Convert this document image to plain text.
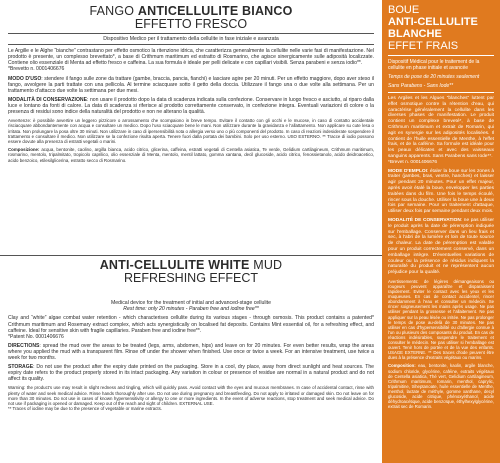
FANGO ANTICELLULITE BIANCO
EFFETTO FRESCO
Dispositivo Medico per il trattamento della cellulite in fase iniziale e avanzata
Le Argille e le Alghe “bianche” contrastano per effetto osmotico la ritenzione idrica, che caratterizza generalmente la cellulite nelle varie fasi di manifestazione. Nel prodotto è presente, un complesso brevettato*, a base di Crithmum maritimum ed estratto di Rosmarino, che agisce sinergicamente sulle adiposità localizzate. Contiene olio essenziale di Menta ad effetto fresco e caffeina. La sua formula è ideale per pelli delicate e con capillari visibili. Senza parabeni e senza iodio**.
*Brevetto n. 0001406676
MODO D'USO: stendere il fango sulle zone da trattare (gambe, braccia, pancia, fianchi) e lasciare agire per 20 minuti. Per un effetto maggiore, dopo aver steso il fango, avvolgere la parti trattate con una pellicola. Al termine sciacquare sotto il getto della doccia. Utilizzare il fango una o due volte alla settimana. Per un trattamento d'attacco due volte la settimana per due mesi.
MODALITÀ DI CONSERVAZIONE: non usare il prodotto dopo la data di scadenza indicata sulla confezione. Conservare in luogo fresco e asciutto, al riparo dalla luce e lontano da fonti di calore. La data di scadenza si riferisce al prodotto correttamente conservato, in confezione integra. Eventuali variazioni di colore o la presenza di residui sono indice della naturalità del prodotto e non ne alterano la qualità.
Avvertenze: è possibile avvertire un leggero pizzicore o arrossamento che scompaiono in breve tempo. Evitare il contatto con gli occhi e le mucose, in caso di contatto accidentale risciacquare abbondantemente con acqua e consultare un medico. Dopo l'uso sciacquare bene le mani. Non utilizzare durante la gravidanza e l'allattamento. Non applicare su cute lesa o irritata. Non prolungare la posa oltre 30 minuti. Non utilizzare in caso di ipersensibilità nota o allergia verso uno o più componenti del prodotto. In caso di reazioni indesiderate sospendere il trattamento e consultare il medico. Non utilizzare se la confezione risulta aperta. Tenere fuori dalla portata dei bambini. Solo per uso esterno. USO ESTERNO. ** Tracce di iodio possono essere dovute alla presenza di estratti vegetali o marini.
Composizione: acqua, bentonite, caolino, argilla bianca, acido citrico, glicerina, caffeina, estratti vegetali di Centella asiatica, Te verde, Gelidium cartilagineum, Crithmum maritimum, rosmarino, mentolo, tripalmitato, tropicolo caprilico, olio essenziale di Menta, mentolo, mentil lattato, gomma xantana, decil glucoside, acido citrico, fenossietanolo, acido deidroacetico, acido benzoico, etilesilglicerina, estratto secco di Rosmarino.
ANTI-CELLULITE WHITE MUD
REFRESHING EFFECT
Medical device for the treatment of initial and advanced-stage cellulite
Rest time: only 20 minutes - Paraben free and iodine free**
Clay and “white” algae combat water retention - which characterises cellulite during its various stages - through osmosis. This product contains a patented* Crithmum maritimum and Rosemary extract complex, which acts synergistically on localised fat deposits. Contains Mint essential oil, for a refreshing effect, and caffeine. Ideal for sensitive skin with fragile capillaries. Paraben free and iodine free**.
*Patent No. 0001406676
DIRECTIONS: spread the mud over the areas to be treated (legs, arms, abdomen, hips) and leave on for 20 minutes. For even better results, wrap the areas where you applied the mud with a transparent film. Rinse off under the shower when finished. Use once or twice a week. For an intensive treatment, use twice a week for two months.
STORAGE: Do not use the product after the expiry date printed on the packaging. Store in a cool, dry place, away from direct sunlight and heat sources. The expiry date refers to the product properly stored in its intact packaging. Any variation in colour or presence of residue are normal in a natural product and do not affect its quality.
Warning: the product's use may result in slight redness and tingling, which will quickly pass. Avoid contact with the eyes and mucous membranes. In case of accidental contact, rinse with plenty of water and seek medical advice. Rinse hands thoroughly after use. Do not use during pregnancy and breastfeeding. Do not apply to irritated or damaged skin. Do not leave on for more than 30 minutes. Do not use in cases of known hypersensitivity or allergy to one or more ingredients. In the event of adverse reactions, stop treatment and seek medical advice. Do not use if packaging is opened or damaged. Keep out of the reach and sight of children. EXTERNAL USE.
** Traces of iodine may be due to the presence of vegetable or marine extracts.
BOUE
ANTI-CELLULITE
BLANCHE
EFFET FRAIS
Dispositif Médical pour le traitement de la cellulite en phase initiale et avancée
Temps de pose de 20 minutes seulement
Sans Parabens - Sans Iode**
Les Argiles et les Algues “blanches” luttent par effet osmotique contre la rétention d'eau, qui caractérise généralement la cellulite dans les diverses phases de manifestation. Le produit contient un complexe breveté*, à base de Crithmum maritimum et extrait de Romarin, qui agit en synergie sur les adiposités localisées. Il contient de l'huile essentielle de Menthe, à l'effet frais, et de la caféine. Sa formule est idéale pour les peaux délicates et avec des vaisseaux sanguins apparents. Sans Parabens sans Iode**.
*Brevet n. 0001406676
MODE D'EMPLOI: étaler la boue sur les zones à traiter (jambes, bras, ventre, hanches) et laisser agir pendant 20 minutes. Pour un effet majeur, après avoir étalé la boue, envelopper les parties traitées dans du film. Une fois le temps écoulé, rincer sous la douche. Utiliser la boue une à deux fois par semaine. Pour un traitement d'attaque, utiliser deux fois par semaine pendant deux mois.
MODALITÉ DE CONSERVATION: ne pas utiliser le produit après la date de péremption indiquée sur l'emballage. Conserver dans un lieu frais et sec, à l'abri de la lumière et loin de toute source de chaleur. La date de péremption est valable pour un produit correctement conservé, dans un emballage intègre. D'éventuelles variations de couleur ou la présence de résidus indiquent la naturalité du produit et ne représentent aucun préjudice pour la qualité.
Avertissements: de légères démangeaisons ou rougeurs peuvent apparaître et disparaissent rapidement. Eviter le contact avec les yeux et les muqueuses. En cas de contact accidentel, rincer abondamment à l'eau et consulter un médecin. Se rincer soigneusement les mains après usage. Ne pas utiliser pendant la grossesse et l'allaitement. Ne pas appliquer sur la peau lésée ou irritée. Ne pas prolonger le temps de pose au-delà de 30 minutes. Ne pas utiliser en cas d'hypersensibilité ou d'allergie connue à l'un ou plusieurs des composants du produit. En cas de réactions indésirables, suspendre le traitement et consulter le médecin. Ne pas utiliser si l'emballage est ouvert. Tenir hors de portée et de la vue des enfants. USAGE EXTERNE. ** Des traces d'iode peuvent être dues à la présence d'extraits végétaux ou marins.
Composition: eau, bentonite, kaolin, argile blanche, sodium chloride, glycérine, caféine, extraits végétaux de Centella asiatica, Thé vert, Gelidium cartilagineum, Crithmum maritimum, romarin, menthol, caprylic, tripalmitine, triheptanoate, huile essentielle de Menthe, menthol, lactate de méthyle, gomme xanthane, decyl glucoside, acide citrique, phénoxyéthanol, acide déhydroacétique, acide benzoïque, éthylhexylglycérine, extrait sec de Romarin.
